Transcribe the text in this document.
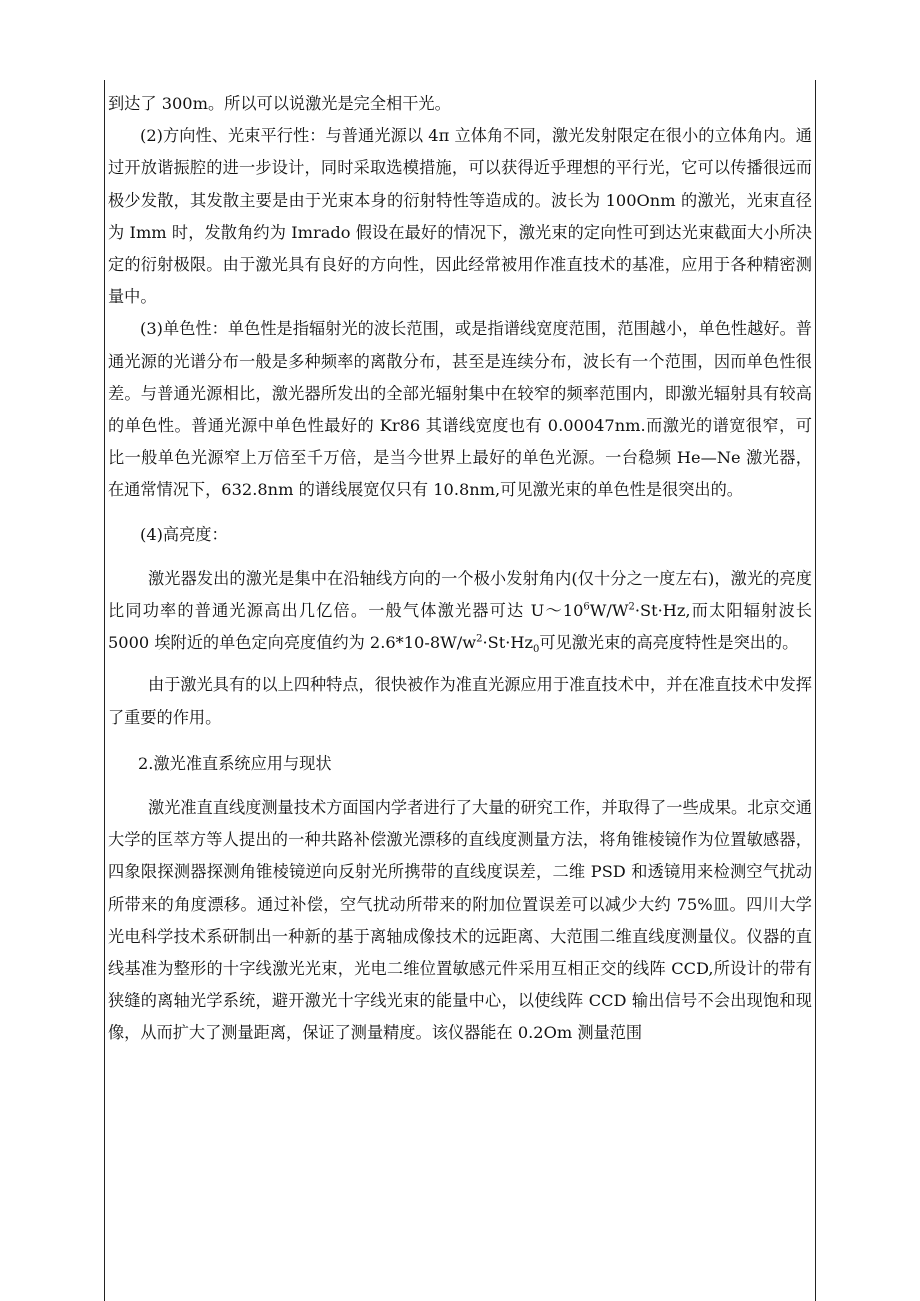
到达了 300m。所以可以说激光是完全相干光。

(2)方向性、光束平行性：与普通光源以 4π 立体角不同，激光发射限定在很小的立体角内。通过开放谐振腔的进一步设计，同时采取选模措施，可以获得近乎理想的平行光，它可以传播很远而极少发散，其发散主要是由于光束本身的衍射特性等造成的。波长为 100Onm 的激光，光束直径为 Imm 时，发散角约为 Imrado 假设在最好的情况下，激光束的定向性可到达光束截面大小所决定的衍射极限。由于激光具有良好的方向性，因此经常被用作准直技术的基准，应用于各种精密测量中。

(3)单色性：单色性是指辐射光的波长范围，或是指谱线宽度范围，范围越小，单色性越好。普通光源的光谱分布一般是多种频率的离散分布，甚至是连续分布，波长有一个范围，因而单色性很差。与普通光源相比，激光器所发出的全部光辐射集中在较窄的频率范围内，即激光辐射具有较高的单色性。普通光源中单色性最好的 Kr86 其谱线宽度也有 0.00047nm.而激光的谱宽很窄，可比一般单色光源窄上万倍至千万倍，是当今世界上最好的单色光源。一台稳频 He—Ne 激光器，在通常情况下，632.8nm 的谱线展宽仅只有 10.8nm,可见激光束的单色性是很突出的。

(4)高亮度：

激光器发出的激光是集中在沿轴线方向的一个极小发射角内(仅十分之一度左右)，激光的亮度比同功率的普通光源高出几亿倍。一般气体激光器可达 $U\sim 10^6W/W^2\cdot St\cdot Hz$,而太阳辐射波长 5000 埃附近的单色定向亮度值约为 $2.6*10-8W/w^2\cdot St\cdot Hz_0$可见激光束的高亮度特性是突出的。

由于激光具有的以上四种特点，很快被作为准直光源应用于准直技术中，并在准直技术中发挥了重要的作用。

2.激光准直系统应用与现状

激光准直直线度测量技术方面国内学者进行了大量的研究工作，并取得了一些成果。北京交通大学的匡萃方等人提出的一种共路补偿激光漂移的直线度测量方法，将角锥棱镜作为位置敏感器，四象限探测器探测角锥棱镜逆向反射光所携带的直线度误差，二维 PSD 和透镜用来检测空气扰动所带来的角度漂移。通过补偿，空气扰动所带来的附加位置误差可以减少大约 75%皿。四川大学光电科学技术系研制出一种新的基于离轴成像技术的远距离、大范围二维直线度测量仪。仪器的直线基准为整形的十字线激光光束，光电二维位置敏感元件采用互相正交的线阵 CCD,所设计的带有狭缝的离轴光学系统，避开激光十字线光束的能量中心，以使线阵 CCD 输出信号不会出现饱和现像，从而扩大了测量距离，保证了测量精度。该仪器能在 0.2Om 测量范围
